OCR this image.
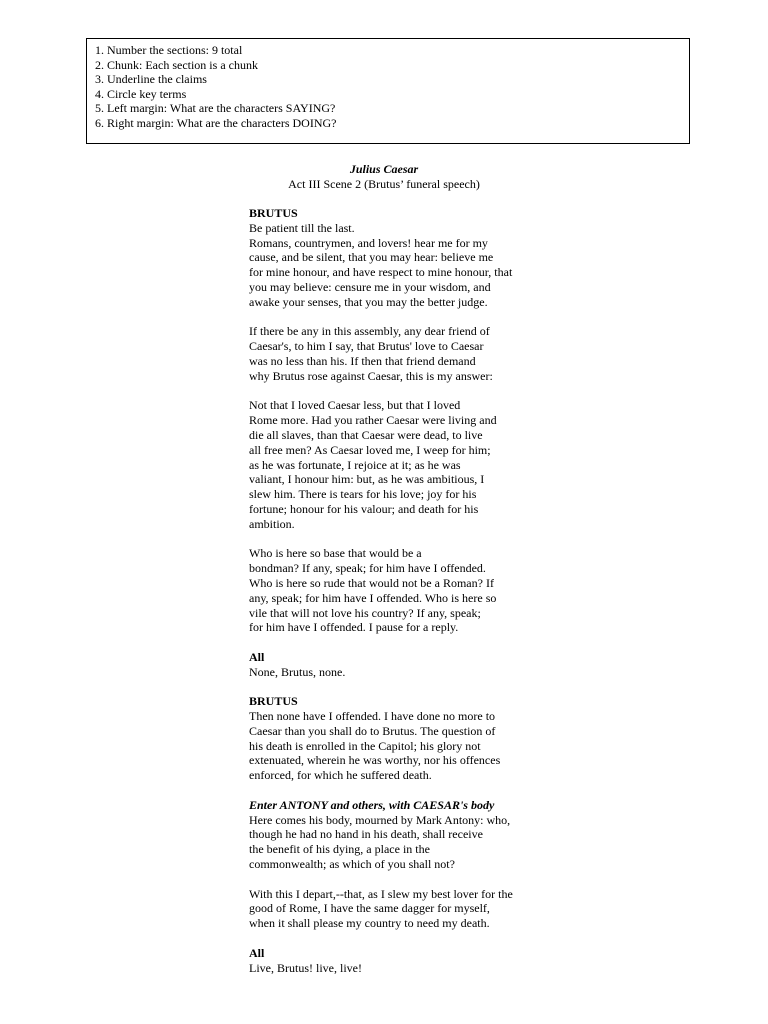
1. Number the sections: 9 total
2. Chunk: Each section is a chunk
3. Underline the claims
4. Circle key terms
5. Left margin: What are the characters SAYING?
6. Right margin: What are the characters DOING?
Julius Caesar
Act III Scene 2 (Brutus’ funeral speech)
BRUTUS
Be patient till the last.
Romans, countrymen, and lovers! hear me for my
cause, and be silent, that you may hear: believe me
for mine honour, and have respect to mine honour, that
you may believe: censure me in your wisdom, and
awake your senses, that you may the better judge.
If there be any in this assembly, any dear friend of
Caesar's, to him I say, that Brutus' love to Caesar
was no less than his. If then that friend demand
why Brutus rose against Caesar, this is my answer:
Not that I loved Caesar less, but that I loved
Rome more. Had you rather Caesar were living and
die all slaves, than that Caesar were dead, to live
all free men? As Caesar loved me, I weep for him;
as he was fortunate, I rejoice at it; as he was
valiant, I honour him: but, as he was ambitious, I
slew him. There is tears for his love; joy for his
fortune; honour for his valour; and death for his
ambition.
Who is here so base that would be a
bondman? If any, speak; for him have I offended.
Who is here so rude that would not be a Roman? If
any, speak; for him have I offended. Who is here so
vile that will not love his country? If any, speak;
for him have I offended. I pause for a reply.
All
None, Brutus, none.
BRUTUS
Then none have I offended. I have done no more to
Caesar than you shall do to Brutus. The question of
his death is enrolled in the Capitol; his glory not
extenuated, wherein he was worthy, nor his offences
enforced, for which he suffered death.
Enter ANTONY and others, with CAESAR's body
Here comes his body, mourned by Mark Antony: who,
though he had no hand in his death, shall receive
the benefit of his dying, a place in the
commonwealth; as which of you shall not?
With this I depart,--that, as I slew my best lover for the
good of Rome, I have the same dagger for myself,
when it shall please my country to need my death.
All
Live, Brutus! live, live!
